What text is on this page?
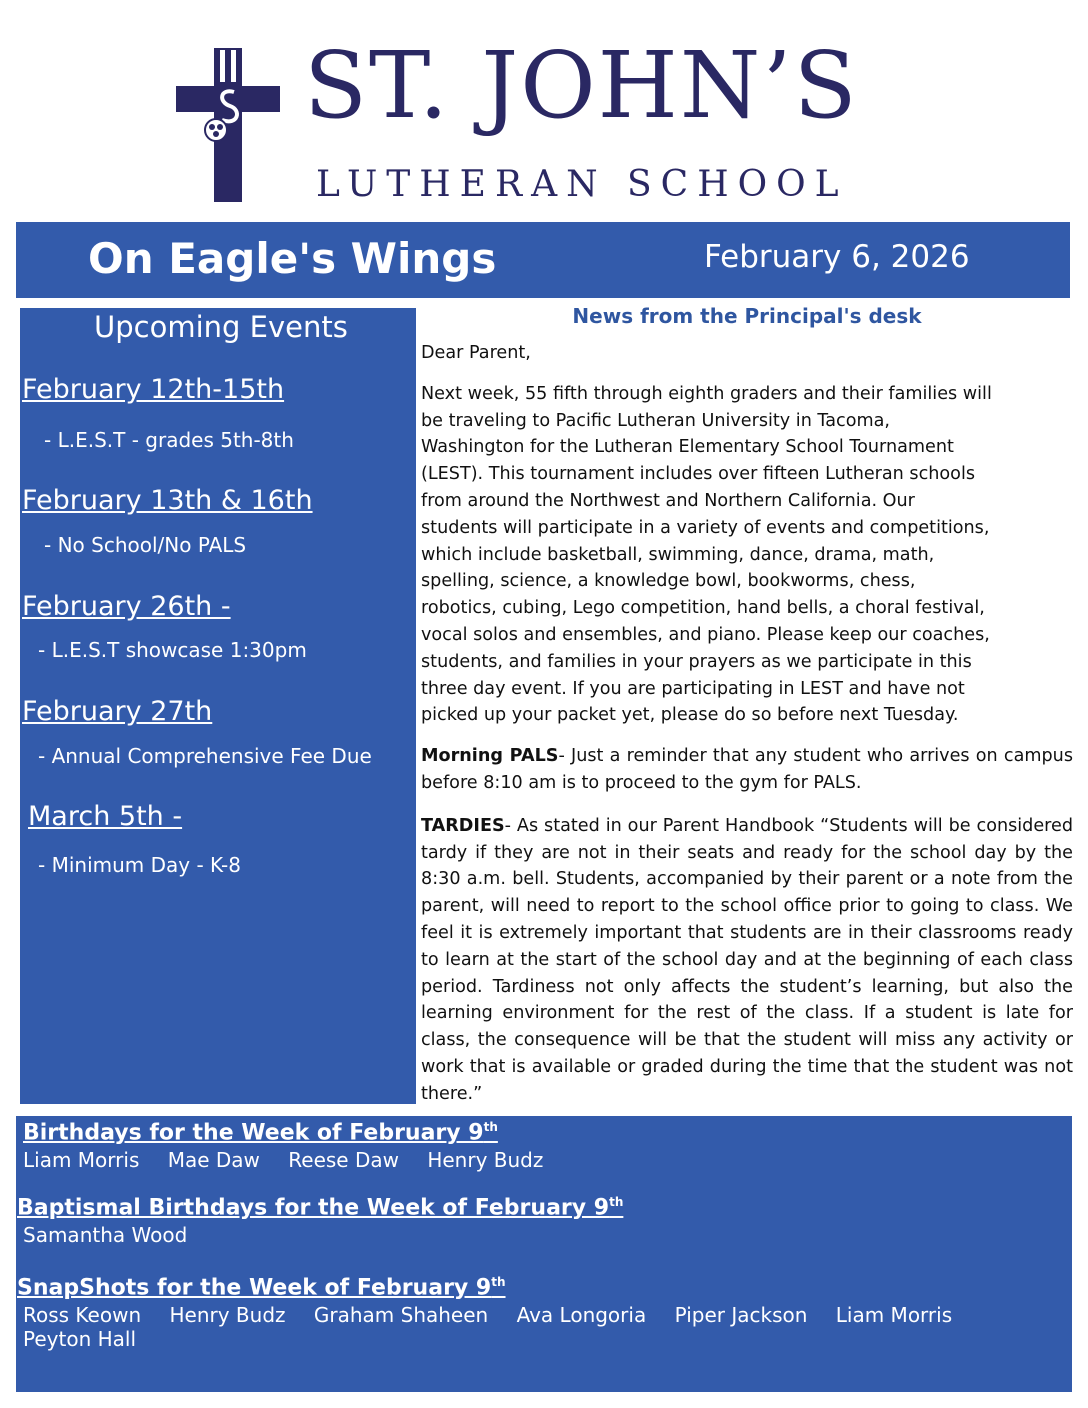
ST. JOHN’S
LUTHERAN SCHOOL
On Eagle's Wings	February 6, 2026
Upcoming Events
February 12th-15th
- L.E.S.T - grades 5th-8th
February 13th & 16th
- No School/No PALS
February 26th -
- L.E.S.T showcase 1:30pm
February 27th
- Annual Comprehensive Fee Due
March 5th -
- Minimum Day - K-8
News from the Principal's desk

Dear Parent,

Next week, 55 fifth through eighth graders and their families will be traveling to Pacific Lutheran University in Tacoma, Washington for the Lutheran Elementary School Tournament (LEST). This tournament includes over fifteen Lutheran schools from around the Northwest and Northern California. Our students will participate in a variety of events and competitions, which include basketball, swimming, dance, drama, math, spelling, science, a knowledge bowl, bookworms, chess, robotics, cubing, Lego competition, hand bells, a choral festival, vocal solos and ensembles, and piano. Please keep our coaches, students, and families in your prayers as we participate in this three day event. If you are participating in LEST and have not picked up your packet yet, please do so before next Tuesday.

Morning PALS- Just a reminder that any student who arrives on campus before 8:10 am is to proceed to the gym for PALS.

TARDIES- As stated in our Parent Handbook “Students will be considered tardy if they are not in their seats and ready for the school day by the 8:30 a.m. bell. Students, accompanied by their parent or a note from the parent, will need to report to the school office prior to going to class. We feel it is extremely important that students are in their classrooms ready to learn at the start of the school day and at the beginning of each class period. Tardiness not only affects the student’s learning, but also the learning environment for the rest of the class. If a student is late for class, the consequence will be that the student will miss any activity or work that is available or graded during the time that the student was not there.”

Birthdays for the Week of February 9th
Liam Morris Mae Daw Reese Daw Henry Budz
Baptismal Birthdays for the Week of February 9th
Samantha Wood
SnapShots for the Week of February 9th
Ross Keown Henry Budz Graham Shaheen Ava Longoria Piper Jackson Liam Morris
Peyton Hall
